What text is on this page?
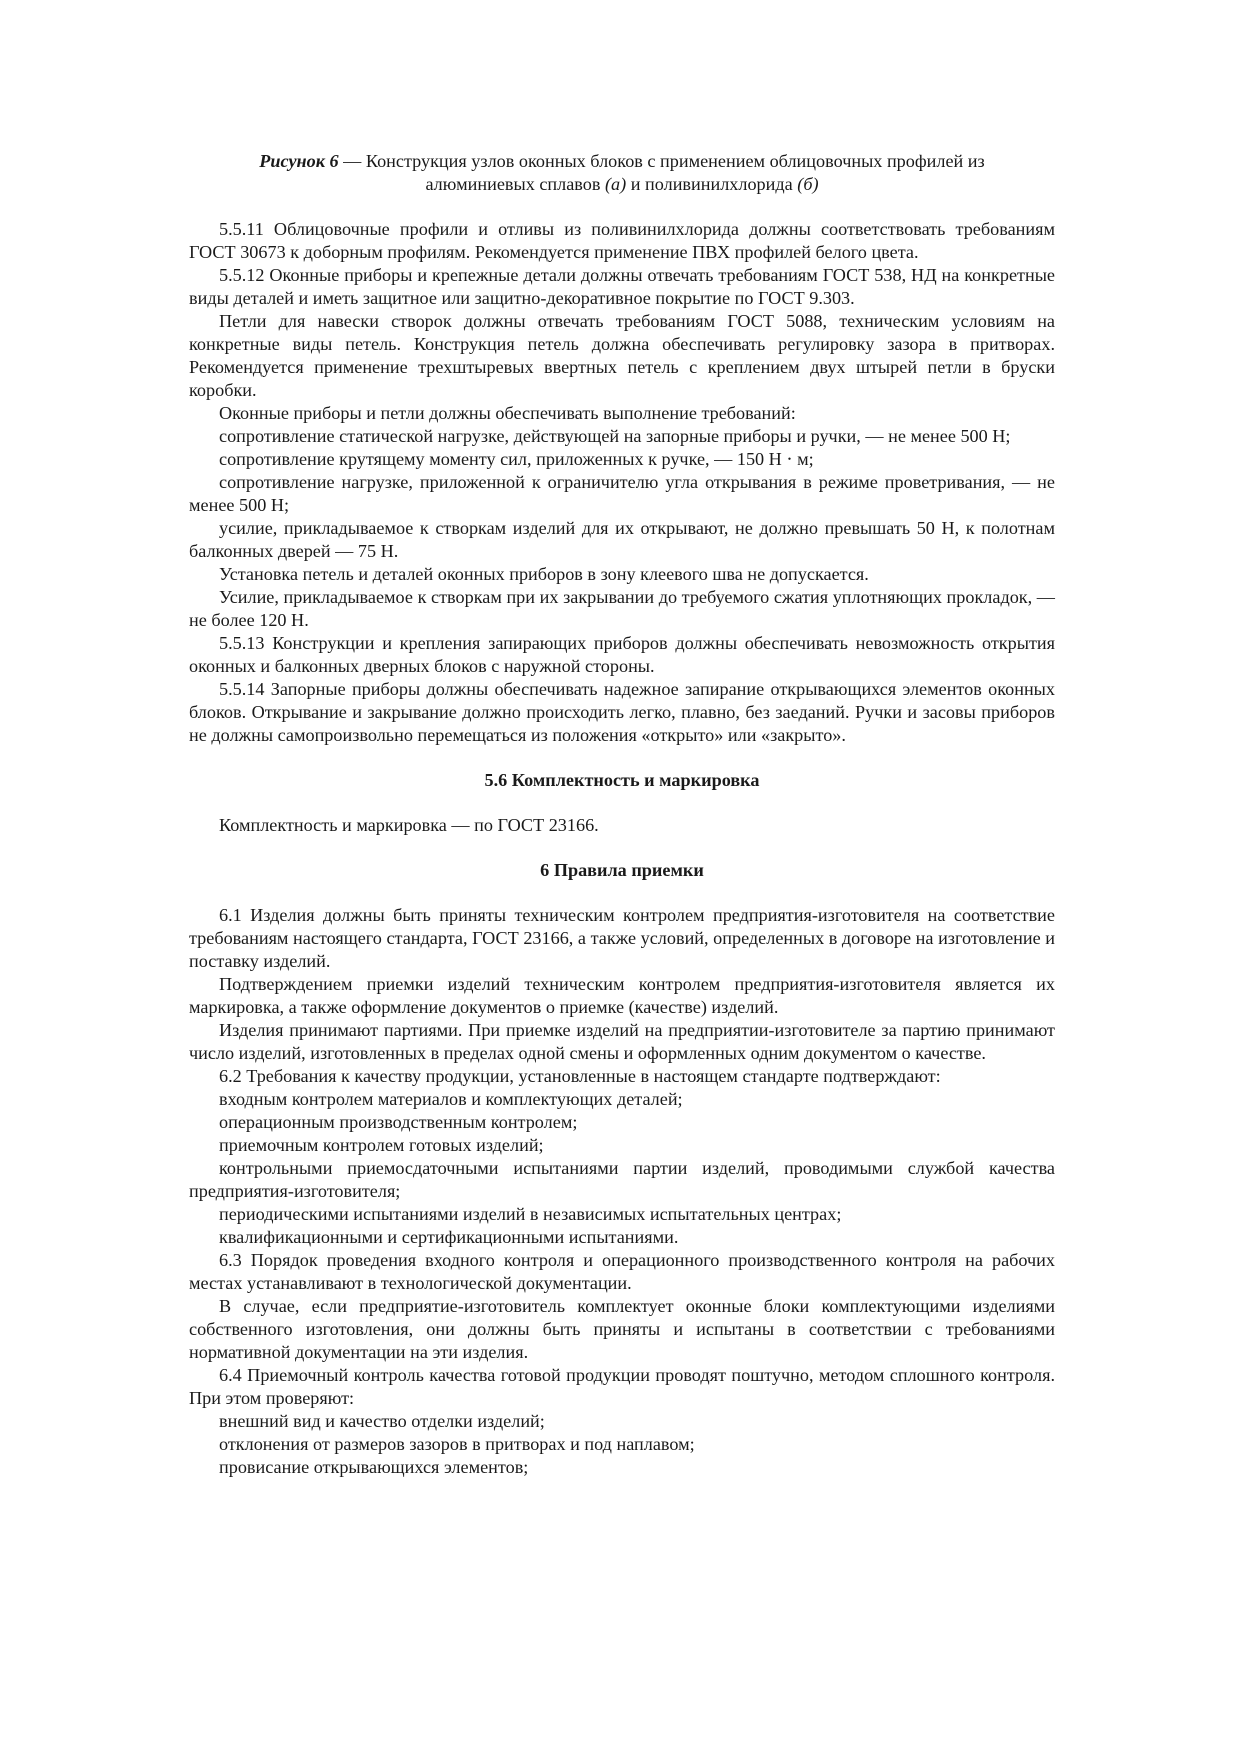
Рисунок 6 — Конструкция узлов оконных блоков с применением облицовочных профилей из алюминиевых сплавов (а) и поливинилхлорида (б)

5.5.11 Облицовочные профили и отливы из поливинилхлорида должны соответствовать требованиям ГОСТ 30673 к доборным профилям. Рекомендуется применение ПВХ профилей белого цвета.

5.5.12 Оконные приборы и крепежные детали должны отвечать требованиям ГОСТ 538, НД на конкретные виды деталей и иметь защитное или защитно-декоративное покрытие по ГОСТ 9.303.

Петли для навески створок должны отвечать требованиям ГОСТ 5088, техническим условиям на конкретные виды петель. Конструкция петель должна обеспечивать регулировку зазора в притворах. Рекомендуется применение трехштыревых ввертных петель с креплением двух штырей петли в бруски коробки.

Оконные приборы и петли должны обеспечивать выполнение требований:

сопротивление статической нагрузке, действующей на запорные приборы и ручки, — не менее 500 Н;

сопротивление крутящему моменту сил, приложенных к ручке, — 150 Н ⋅ м;

сопротивление нагрузке, приложенной к ограничителю угла открывания в режиме проветривания, — не менее 500 Н;

усилие, прикладываемое к створкам изделий для их открывают, не должно превышать 50 Н, к полотнам балконных дверей — 75 Н.

Установка петель и деталей оконных приборов в зону клеевого шва не допускается.

Усилие, прикладываемое к створкам при их закрывании до требуемого сжатия уплотняющих прокладок, — не более 120 Н.

5.5.13 Конструкции и крепления запирающих приборов должны обеспечивать невозможность открытия оконных и балконных дверных блоков с наружной стороны.

5.5.14 Запорные приборы должны обеспечивать надежное запирание открывающихся элементов оконных блоков. Открывание и закрывание должно происходить легко, плавно, без заеданий. Ручки и засовы приборов не должны самопроизвольно перемещаться из положения «открыто» или «закрыто».

5.6 Комплектность и маркировка

Комплектность и маркировка — по ГОСТ 23166.

6 Правила приемки

6.1 Изделия должны быть приняты техническим контролем предприятия-изготовителя на соответствие требованиям настоящего стандарта, ГОСТ 23166, а также условий, определенных в договоре на изготовление и поставку изделий.

Подтверждением приемки изделий техническим контролем предприятия-изготовителя является их маркировка, а также оформление документов о приемке (качестве) изделий.

Изделия принимают партиями. При приемке изделий на предприятии-изготовителе за партию принимают число изделий, изготовленных в пределах одной смены и оформленных одним документом о качестве.

6.2 Требования к качеству продукции, установленные в настоящем стандарте подтверждают:

входным контролем материалов и комплектующих деталей;

операционным производственным контролем;

приемочным контролем готовых изделий;

контрольными приемосдаточными испытаниями партии изделий, проводимыми службой качества предприятия-изготовителя;

периодическими испытаниями изделий в независимых испытательных центрах;

квалификационными и сертификационными испытаниями.

6.3 Порядок проведения входного контроля и операционного производственного контроля на рабочих местах устанавливают в технологической документации.

В случае, если предприятие-изготовитель комплектует оконные блоки комплектующими изделиями собственного изготовления, они должны быть приняты и испытаны в соответствии с требованиями нормативной документации на эти изделия.

6.4 Приемочный контроль качества готовой продукции проводят поштучно, методом сплошного контроля. При этом проверяют:

внешний вид и качество отделки изделий;

отклонения от размеров зазоров в притворах и под наплавом;

провисание открывающихся элементов;
